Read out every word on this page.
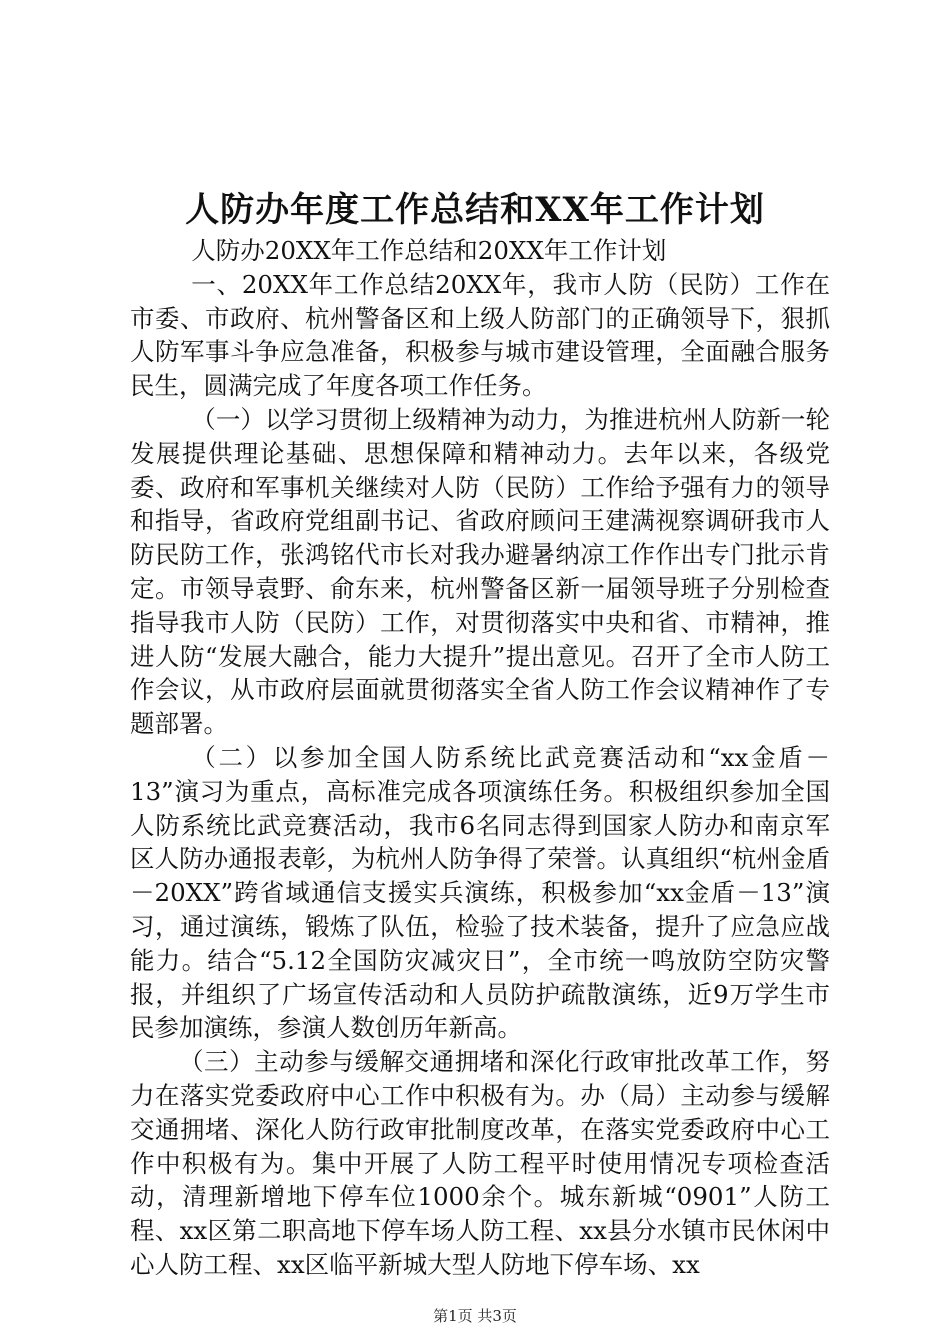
人防办年度工作总结和XX年工作计划

人防办20XX年工作总结和20XX年工作计划

一、20XX年工作总结20XX年，我市人防（民防）工作在市委、市政府、杭州警备区和上级人防部门的正确领导下，狠抓人防军事斗争应急准备，积极参与城市建设管理，全面融合服务民生，圆满完成了年度各项工作任务。

（一）以学习贯彻上级精神为动力，为推进杭州人防新一轮发展提供理论基础、思想保障和精神动力。去年以来，各级党委、政府和军事机关继续对人防（民防）工作给予强有力的领导和指导，省政府党组副书记、省政府顾问王建满视察调研我市人防民防工作，张鸿铭代市长对我办避暑纳凉工作作出专门批示肯定。市领导袁野、俞东来，杭州警备区新一届领导班子分别检查指导我市人防（民防）工作，对贯彻落实中央和省、市精神，推进人防“发展大融合，能力大提升”提出意见。召开了全市人防工作会议，从市政府层面就贯彻落实全省人防工作会议精神作了专题部署。

（二）以参加全国人防系统比武竞赛活动和“xx金盾－13”演习为重点，高标准完成各项演练任务。积极组织参加全国人防系统比武竞赛活动，我市6名同志得到国家人防办和南京军区人防办通报表彰，为杭州人防争得了荣誉。认真组织“杭州金盾－20XX”跨省域通信支援实兵演练，积极参加“xx金盾－13”演习，通过演练，锻炼了队伍，检验了技术装备，提升了应急应战能力。结合“5.12全国防灾减灾日”，全市统一鸣放防空防灾警报，并组织了广场宣传活动和人员防护疏散演练，近9万学生市民参加演练，参演人数创历年新高。

（三）主动参与缓解交通拥堵和深化行政审批改革工作，努力在落实党委政府中心工作中积极有为。办（局）主动参与缓解交通拥堵、深化人防行政审批制度改革，在落实党委政府中心工作中积极有为。集中开展了人防工程平时使用情况专项检查活动，清理新增地下停车位1000余个。城东新城“0901”人防工程、xx区第二职高地下停车场人防工程、xx县分水镇市民休闲中心人防工程、xx区临平新城大型人防地下停车场、xx

第1页 共3页
